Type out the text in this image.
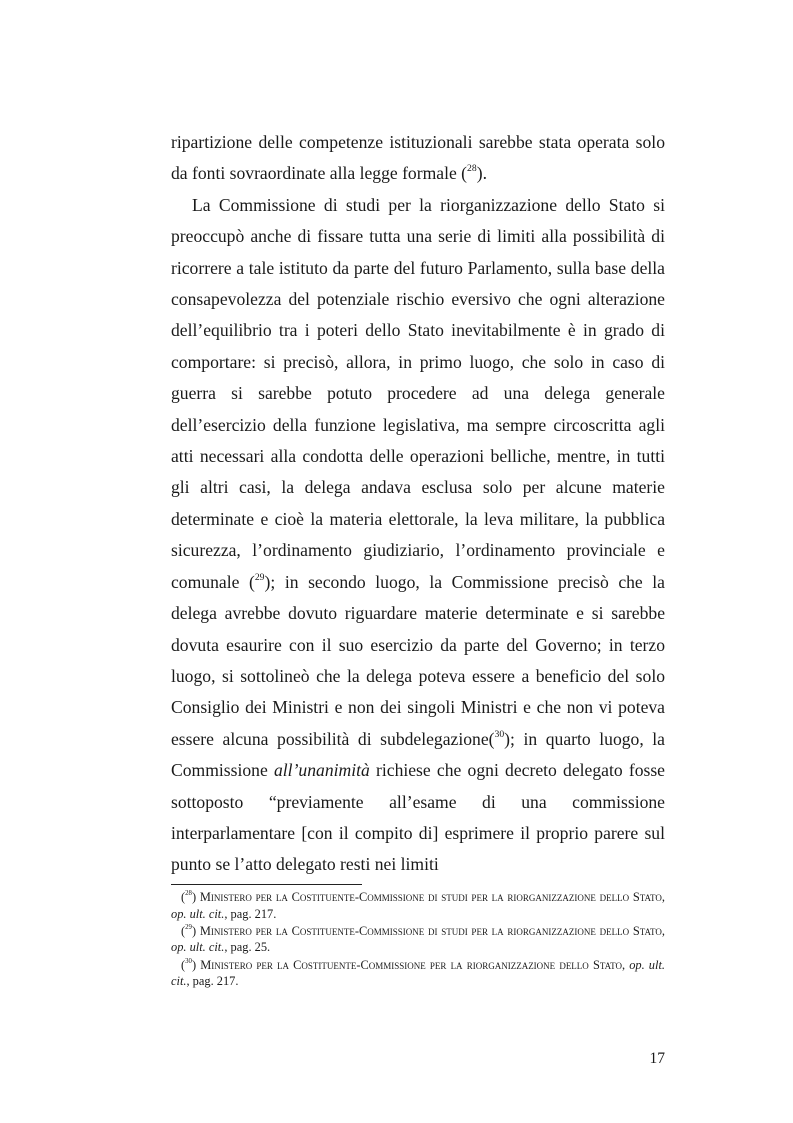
ripartizione delle competenze istituzionali sarebbe stata operata solo da fonti sovraordinate alla legge formale ($^{28}$).

La Commissione di studi per la riorganizzazione dello Stato si preoccupò anche di fissare tutta una serie di limiti alla possibilità di ricorrere a tale istituto da parte del futuro Parlamento, sulla base della consapevolezza del potenziale rischio eversivo che ogni alterazione dell’equilibrio tra i poteri dello Stato inevitabilmente è in grado di comportare: si precisò, allora, in primo luogo, che solo in caso di guerra si sarebbe potuto procedere ad una delega generale dell’esercizio della funzione legislativa, ma sempre circoscritta agli atti necessari alla condotta delle operazioni belliche, mentre, in tutti gli altri casi, la delega andava esclusa solo per alcune materie determinate e cioè la materia elettorale, la leva militare, la pubblica sicurezza, l’ordinamento giudiziario, l’ordinamento provinciale e comunale ($^{29}$); in secondo luogo, la Commissione precisò che la delega avrebbe dovuto riguardare materie determinate e si sarebbe dovuta esaurire con il suo esercizio da parte del Governo; in terzo luogo, si sottolineò che la delega poteva essere a beneficio del solo Consiglio dei Ministri e non dei singoli Ministri e che non vi poteva essere alcuna possibilità di subdelegazione($^{30}$); in quarto luogo, la Commissione all’unanimità richiese che ogni decreto delegato fosse sottoposto “previamente all’esame di una commissione interparlamentare [con il compito di] esprimere il proprio parere sul punto se l’atto delegato resti nei limiti

($^{28}$) Ministero per la Costituente-Commissione di studi per la riorganizzazione dello Stato, op. ult. cit., pag. 217.

($^{29}$) Ministero per la Costituente-Commissione di studi per la riorganizzazione dello Stato, op. ult. cit., pag. 25.

($^{30}$) Ministero per la Costituente-Commissione per la riorganizzazione dello Stato, op. ult. cit., pag. 217.

17
